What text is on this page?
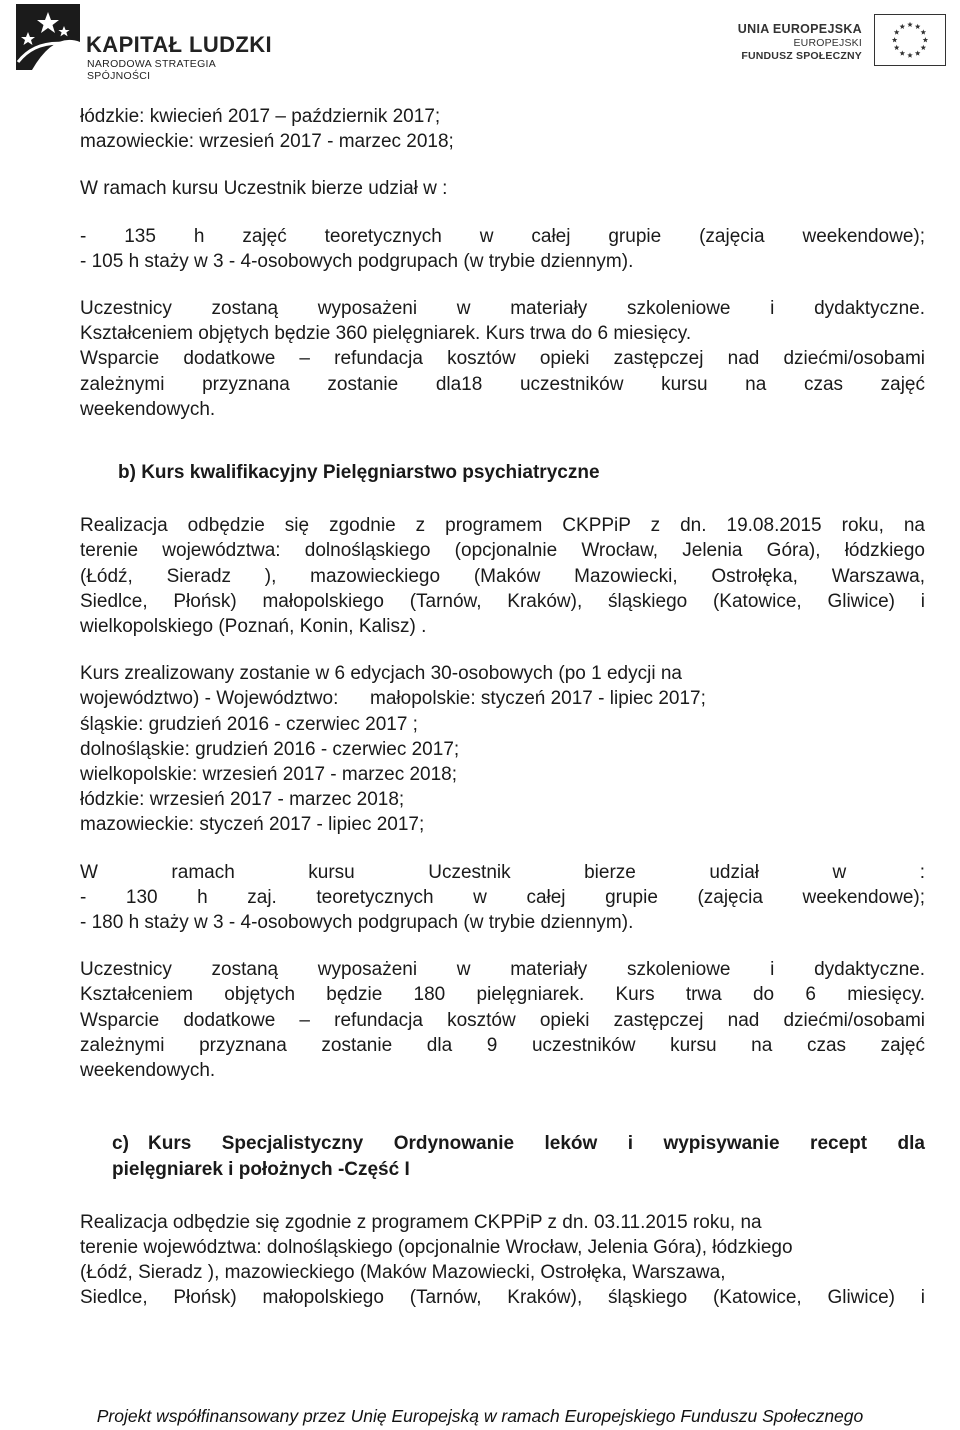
KAPITAŁ LUDZKI
NARODOWA STRATEGIA SPÓJNOŚCI
UNIA EUROPEJSKA
EUROPEJSKI
FUNDUSZ SPOŁECZNY

łódzkie: kwiecień 2017 – październik 2017;

mazowieckie: wrzesień 2017 - marzec 2018;

W ramach kursu Uczestnik bierze udział w :

- 135 h zajęć teoretycznych w całej grupie (zajęcia weekendowe);

- 105 h staży w 3 - 4-osobowych podgrupach (w trybie dziennym).

Uczestnicy zostaną wyposażeni w materiały szkoleniowe i dydaktyczne.

Kształceniem objętych będzie 360 pielęgniarek. Kurs trwa do 6 miesięcy.

Wsparcie dodatkowe – refundacja kosztów opieki zastępczej nad dziećmi/osobami

zależnymi przyznana zostanie dla18 uczestników kursu na czas zajęć

weekendowych.

b) Kurs kwalifikacyjny Pielęgniarstwo psychiatryczne

Realizacja odbędzie się zgodnie z programem CKPPiP z dn. 19.08.2015 roku, na

terenie województwa: dolnośląskiego (opcjonalnie Wrocław, Jelenia Góra), łódzkiego

(Łódź, Sieradz ), mazowieckiego (Maków Mazowiecki, Ostrołęka, Warszawa,

Siedlce, Płońsk) małopolskiego (Tarnów, Kraków), śląskiego (Katowice, Gliwice) i

wielkopolskiego (Poznań, Konin, Kalisz) .

Kurs zrealizowany zostanie w 6 edycjach 30-osobowych (po 1 edycji na

województwo) - Województwo:      małopolskie: styczeń 2017 - lipiec 2017;

śląskie: grudzień 2016 - czerwiec 2017 ;

dolnośląskie: grudzień 2016 - czerwiec 2017;

wielkopolskie: wrzesień 2017 - marzec 2018;

łódzkie: wrzesień 2017 - marzec 2018;

mazowieckie: styczeń 2017 - lipiec 2017;

W ramach kursu Uczestnik bierze udział w :

- 130 h zaj. teoretycznych w całej grupie (zajęcia weekendowe);

- 180 h staży w 3 - 4-osobowych podgrupach (w trybie dziennym).

Uczestnicy zostaną wyposażeni w materiały szkoleniowe i dydaktyczne.

Kształceniem objętych będzie 180 pielęgniarek. Kurs trwa do 6 miesięcy.

Wsparcie dodatkowe – refundacja kosztów opieki zastępczej nad dziećmi/osobami

zależnymi przyznana zostanie dla 9 uczestników kursu na czas zajęć

weekendowych.

c) Kurs Specjalistyczny Ordynowanie leków i wypisywanie recept dla

pielęgniarek i położnych -Część I

Realizacja odbędzie się zgodnie z programem CKPPiP z dn. 03.11.2015 roku, na

terenie województwa: dolnośląskiego (opcjonalnie Wrocław, Jelenia Góra), łódzkiego

(Łódź, Sieradz ), mazowieckiego (Maków Mazowiecki, Ostrołęka, Warszawa,

Siedlce, Płońsk) małopolskiego (Tarnów, Kraków), śląskiego (Katowice, Gliwice) i

Projekt współfinansowany przez Unię Europejską w ramach Europejskiego Funduszu Społecznego
